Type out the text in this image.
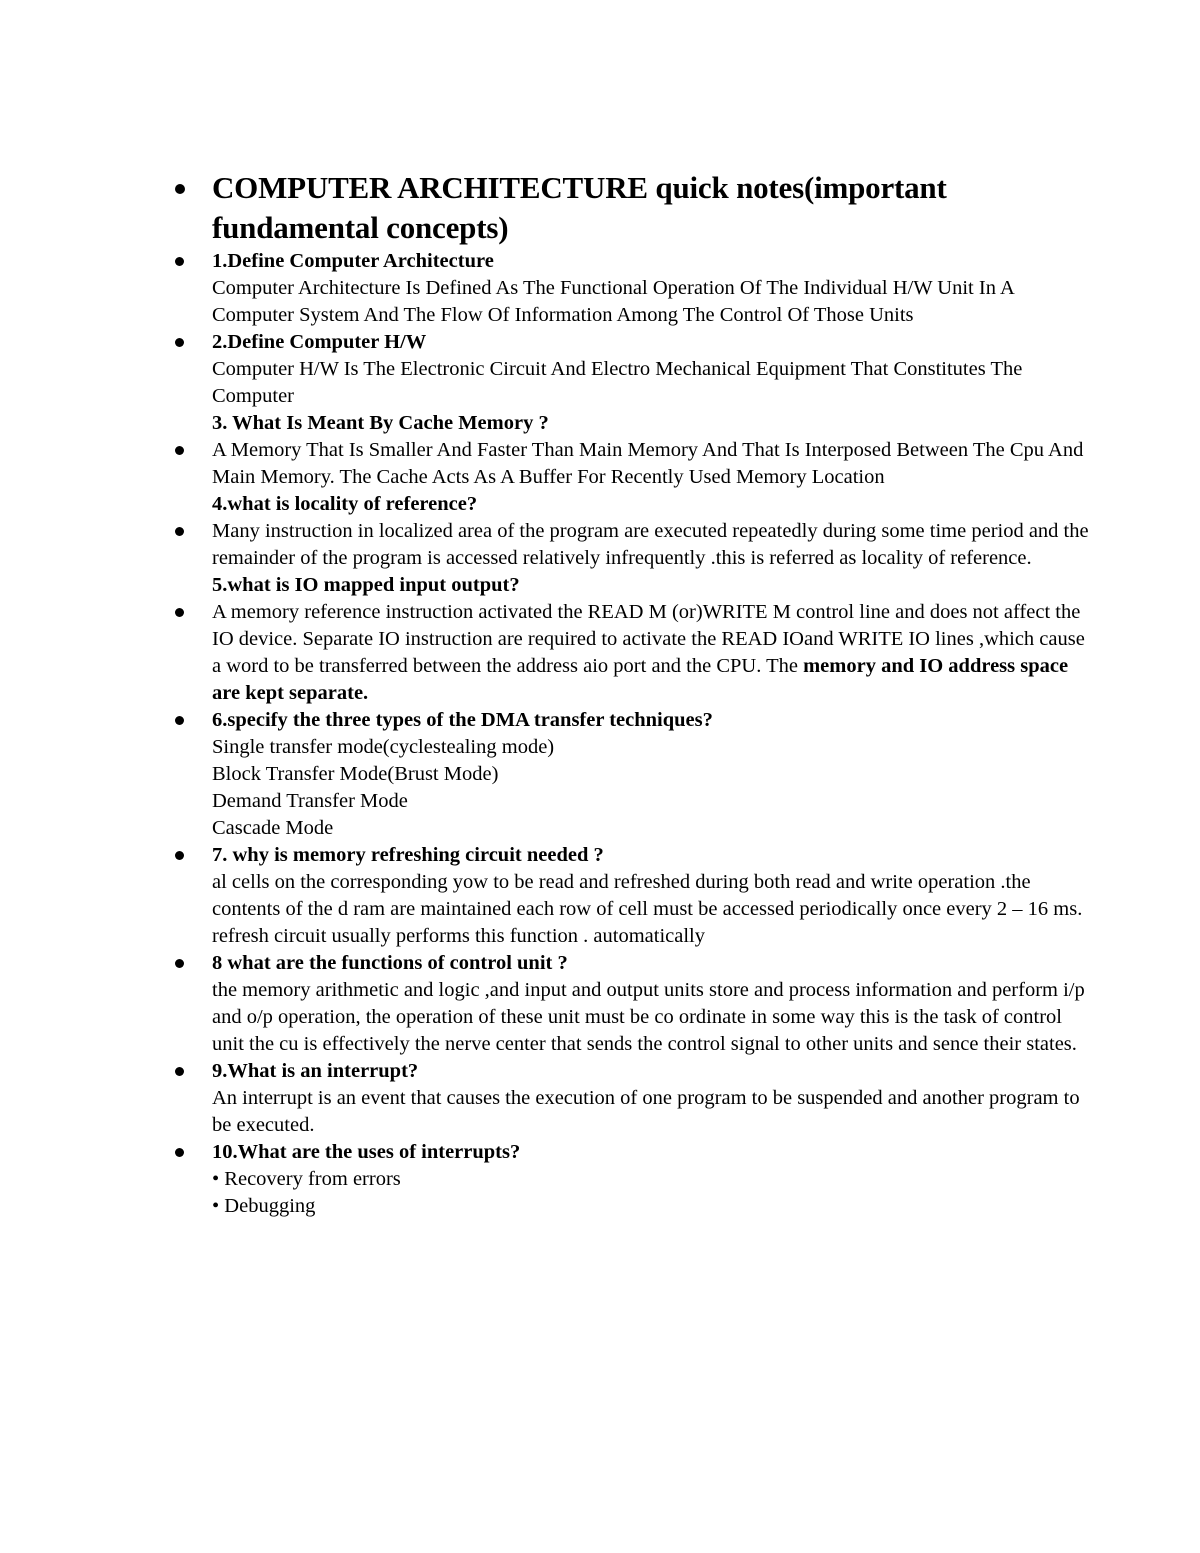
COMPUTER ARCHITECTURE quick notes(important fundamental concepts)
1.Define Computer Architecture
Computer Architecture Is Defined As The Functional Operation Of The Individual H/W Unit In A Computer System And The Flow Of Information Among The Control Of Those Units
2.Define Computer H/W
Computer H/W Is The Electronic Circuit And Electro Mechanical Equipment That Constitutes The Computer
3. What Is Meant By Cache Memory ?
A Memory That Is Smaller And Faster Than Main Memory And That Is Interposed Between The Cpu And Main Memory. The Cache Acts As A Buffer For Recently Used Memory Location
4.what is locality of reference?
Many instruction in localized area of the program are executed repeatedly during some time period and the remainder of the program is accessed relatively infrequently .this is referred as locality of reference.
5.what is IO mapped input output?
A memory reference instruction activated the READ M (or)WRITE M control line and does not affect the IO device. Separate IO instruction are required to activate the READ IOand WRITE IO lines ,which cause a word to be transferred between the address aio port and the CPU. The memory and IO address space are kept separate.
6.specify the three types of the DMA transfer techniques?
Single transfer mode(cyclestealing mode)
Block Transfer Mode(Brust Mode)
Demand Transfer Mode
Cascade Mode
7. why is memory refreshing circuit needed ?
al cells on the corresponding yow to be read and refreshed during both read and write operation .the contents of the d ram are maintained each row of cell must be accessed periodically once every 2 – 16 ms. refresh circuit usually performs this function . automatically
8 what are the functions of control unit ?
the memory arithmetic and logic ,and input and output units store and process information and perform i/p and o/p operation, the operation of these unit must be co ordinate in some way this is the task of control unit the cu is effectively the nerve center that sends the control signal to other units and sence their states.
9.What is an interrupt?
An interrupt is an event that causes the execution of one program to be suspended and another program to be executed.
10.What are the uses of interrupts?
• Recovery from errors
• Debugging
